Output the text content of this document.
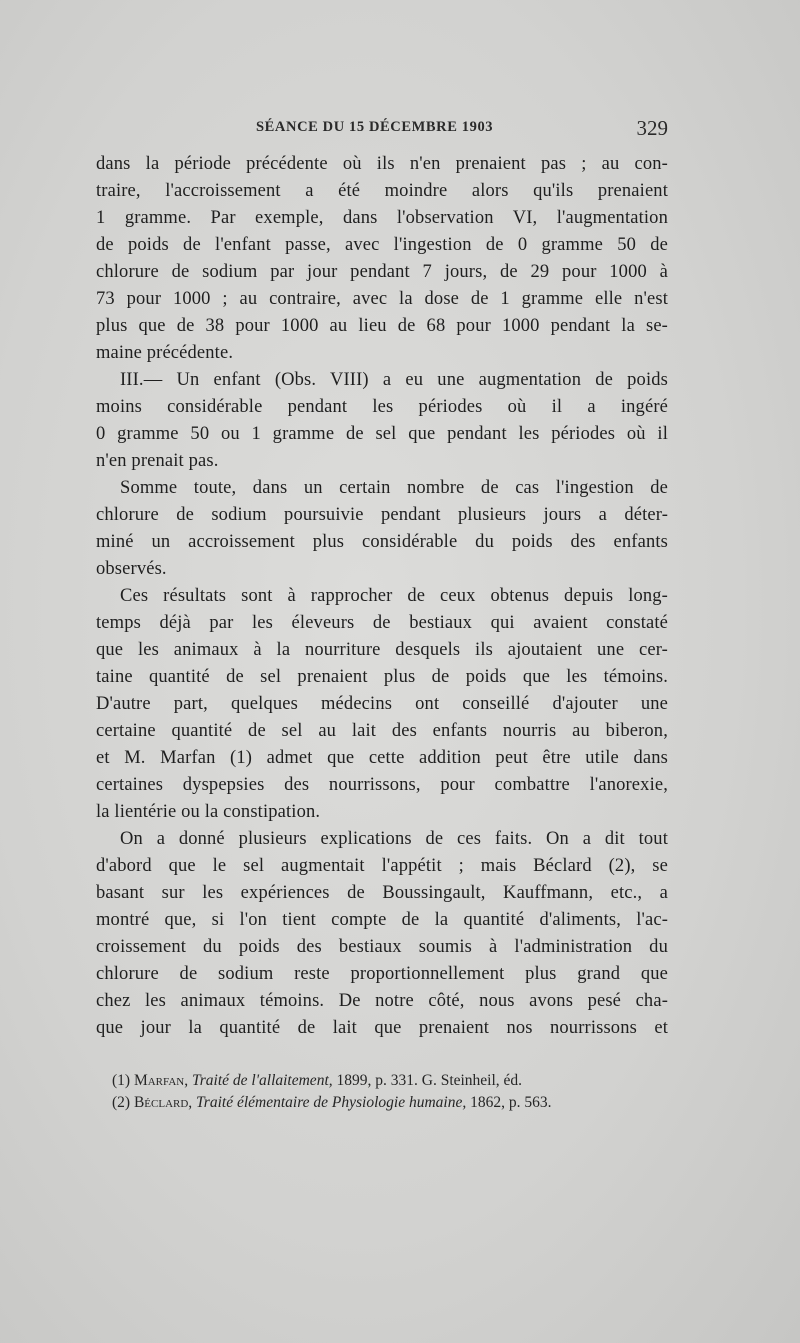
SÉANCE DU 15 DÉCEMBRE 1903	329
dans la période précédente où ils n'en prenaient pas ; au con-
traire, l'accroissement a été moindre alors qu'ils prenaient
1 gramme. Par exemple, dans l'observation VI, l'augmentation
de poids de l'enfant passe, avec l'ingestion de 0 gramme 50 de
chlorure de sodium par jour pendant 7 jours, de 29 pour 1000 à
73 pour 1000 ; au contraire, avec la dose de 1 gramme elle n'est
plus que de 38 pour 1000 au lieu de 68 pour 1000 pendant la se-
maine précédente.
III.— Un enfant (Obs. VIII) a eu une augmentation de poids
moins considérable pendant les périodes où il a ingéré
0 gramme 50 ou 1 gramme de sel que pendant les périodes où il
n'en prenait pas.
Somme toute, dans un certain nombre de cas l'ingestion de
chlorure de sodium poursuivie pendant plusieurs jours a déter-
miné un accroissement plus considérable du poids des enfants
observés.
Ces résultats sont à rapprocher de ceux obtenus depuis long-
temps déjà par les éleveurs de bestiaux qui avaient constaté
que les animaux à la nourriture desquels ils ajoutaient une cer-
taine quantité de sel prenaient plus de poids que les témoins.
D'autre part, quelques médecins ont conseillé d'ajouter une
certaine quantité de sel au lait des enfants nourris au biberon,
et M. Marfan (1) admet que cette addition peut être utile dans
certaines dyspepsies des nourrissons, pour combattre l'anorexie,
la lientérie ou la constipation.
On a donné plusieurs explications de ces faits. On a dit tout
d'abord que le sel augmentait l'appétit ; mais Béclard (2), se
basant sur les expériences de Boussingault, Kauffmann, etc., a
montré que, si l'on tient compte de la quantité d'aliments, l'ac-
croissement du poids des bestiaux soumis à l'administration du
chlorure de sodium reste proportionnellement plus grand que
chez les animaux témoins. De notre côté, nous avons pesé cha-
que jour la quantité de lait que prenaient nos nourrissons et
(1) Marfan, Traité de l'allaitement, 1899, p. 331. G. Steinheil, éd.
(2) Béclard, Traité élémentaire de Physiologie humaine, 1862, p. 563.
